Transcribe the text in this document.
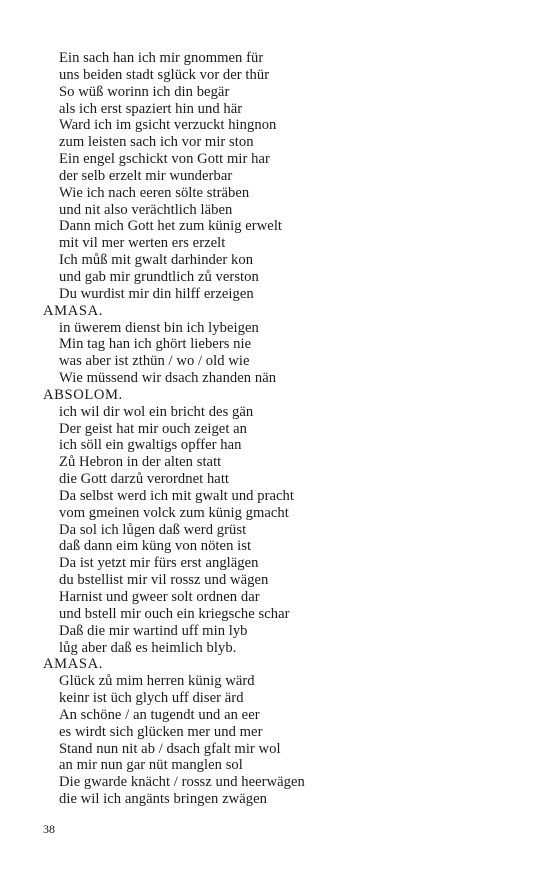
Ein sach han ich mir gnommen für
uns beiden stadt sglück vor der thür
So wüß worinn ich din begär
als ich erst spaziert hin und här
Ward ich im gsicht verzuckt hingnon
zum leisten sach ich vor mir ston
Ein engel gschickt von Gott mir har
der selb erzelt mir wunderbar
Wie ich nach eeren sölte sträben
und nit also verächtlich läben
Dann mich Gott het zum künig erwelt
mit vil mer werten ers erzelt
Ich můß mit gwalt darhinder kon
und gab mir grundtlich zů verston
Du wurdist mir din hilff erzeigen
AMASA.
in üwerem dienst bin ich lybeigen
Min tag han ich ghört liebers nie
was aber ist zthün / wo / old wie
Wie müssend wir dsach zhanden nän
ABSOLOM.
ich wil dir wol ein bricht des gän
Der geist hat mir ouch zeiget an
ich söll ein gwaltigs opffer han
Zů Hebron in der alten statt
die Gott darzů verordnet hatt
Da selbst werd ich mit gwalt und pracht
vom gmeinen volck zum künig gmacht
Da sol ich lůgen daß werd grüst
daß dann eim küng von nöten ist
Da ist yetzt mir fürs erst anglägen
du bstellist mir vil rossz und wägen
Harnist und gweer solt ordnen dar
und bstell mir ouch ein kriegsche schar
Daß die mir wartind uff min lyb
lůg aber daß es heimlich blyb.
AMASA.
Glück zů mim herren künig wärd
keinr ist üch glych uff diser ärd
An schöne / an tugendt und an eer
es wirdt sich glücken mer und mer
Stand nun nit ab / dsach gfalt mir wol
an mir nun gar nüt manglen sol
Die gwarde knächt / rossz und heerwägen
die wil ich angänts bringen zwägen
38
